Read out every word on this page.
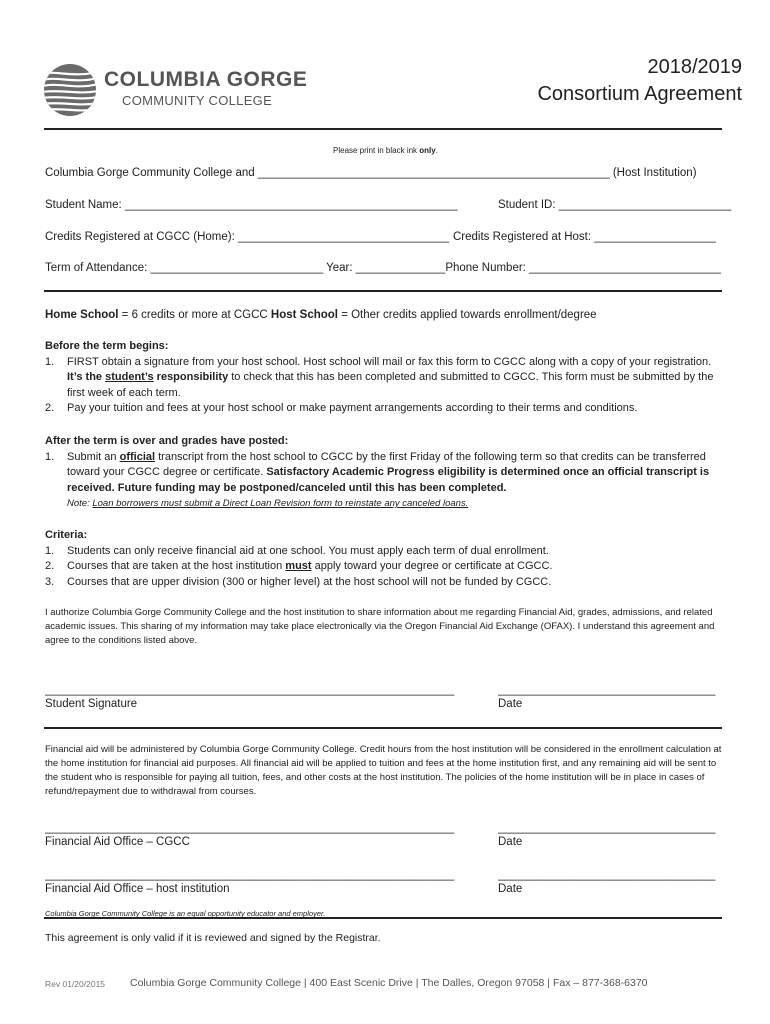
COLUMBIA GORGE
COMMUNITY COLLEGE
2018/2019
Consortium Agreement
Please print in black ink only.
Columbia Gorge Community College and _______________________________________________________ (Host Institution)
Student Name: ____________________________________________________	Student ID: ___________________________
Credits Registered at CGCC (Home): _________________________________ Credits Registered at Host: ___________________
Term of Attendance: ___________________________ Year: ______________Phone Number: ______________________________
Home School = 6 credits or more at CGCC Host School = Other credits applied towards enrollment/degree
Before the term begins:
1. FIRST obtain a signature from your host school. Host school will mail or fax this form to CGCC along with a copy of your registration. It’s the student’s responsibility to check that this has been completed and submitted to CGCC. This form must be submitted by the first week of each term.
2. Pay your tuition and fees at your host school or make payment arrangements according to their terms and conditions.
After the term is over and grades have posted:
1. Submit an official transcript from the host school to CGCC by the first Friday of the following term so that credits can be transferred toward your CGCC degree or certificate. Satisfactory Academic Progress eligibility is determined once an official transcript is received. Future funding may be postponed/canceled until this has been completed.
Note: Loan borrowers must submit a Direct Loan Revision form to reinstate any canceled loans.
Criteria:
1. Students can only receive financial aid at one school. You must apply each term of dual enrollment.
2. Courses that are taken at the host institution must apply toward your degree or certificate at CGCC.
3. Courses that are upper division (300 or higher level) at the host school will not be funded by CGCC.
I authorize Columbia Gorge Community College and the host institution to share information about me regarding Financial Aid, grades, admissions, and related academic issues. This sharing of my information may take place electronically via the Oregon Financial Aid Exchange (OFAX). I understand this agreement and agree to the conditions listed above.
________________________________________________________________	__________________________________
Student Signature	Date
Financial aid will be administered by Columbia Gorge Community College. Credit hours from the host institution will be considered in the enrollment calculation at the home institution for financial aid purposes. All financial aid will be applied to tuition and fees at the home institution first, and any remaining aid will be sent to the student who is responsible for paying all tuition, fees, and other costs at the host institution. The policies of the home institution will be in place in cases of refund/repayment due to withdrawal from courses.
________________________________________________________________	__________________________________
Financial Aid Office – CGCC	Date
________________________________________________________________	__________________________________
Financial Aid Office – host institution	Date
Columbia Gorge Community College is an equal opportunity educator and employer.
This agreement is only valid if it is reviewed and signed by the Registrar.
Rev 01/20/2015 Columbia Gorge Community College | 400 East Scenic Drive | The Dalles, Oregon 97058 | Fax – 877-368-6370
